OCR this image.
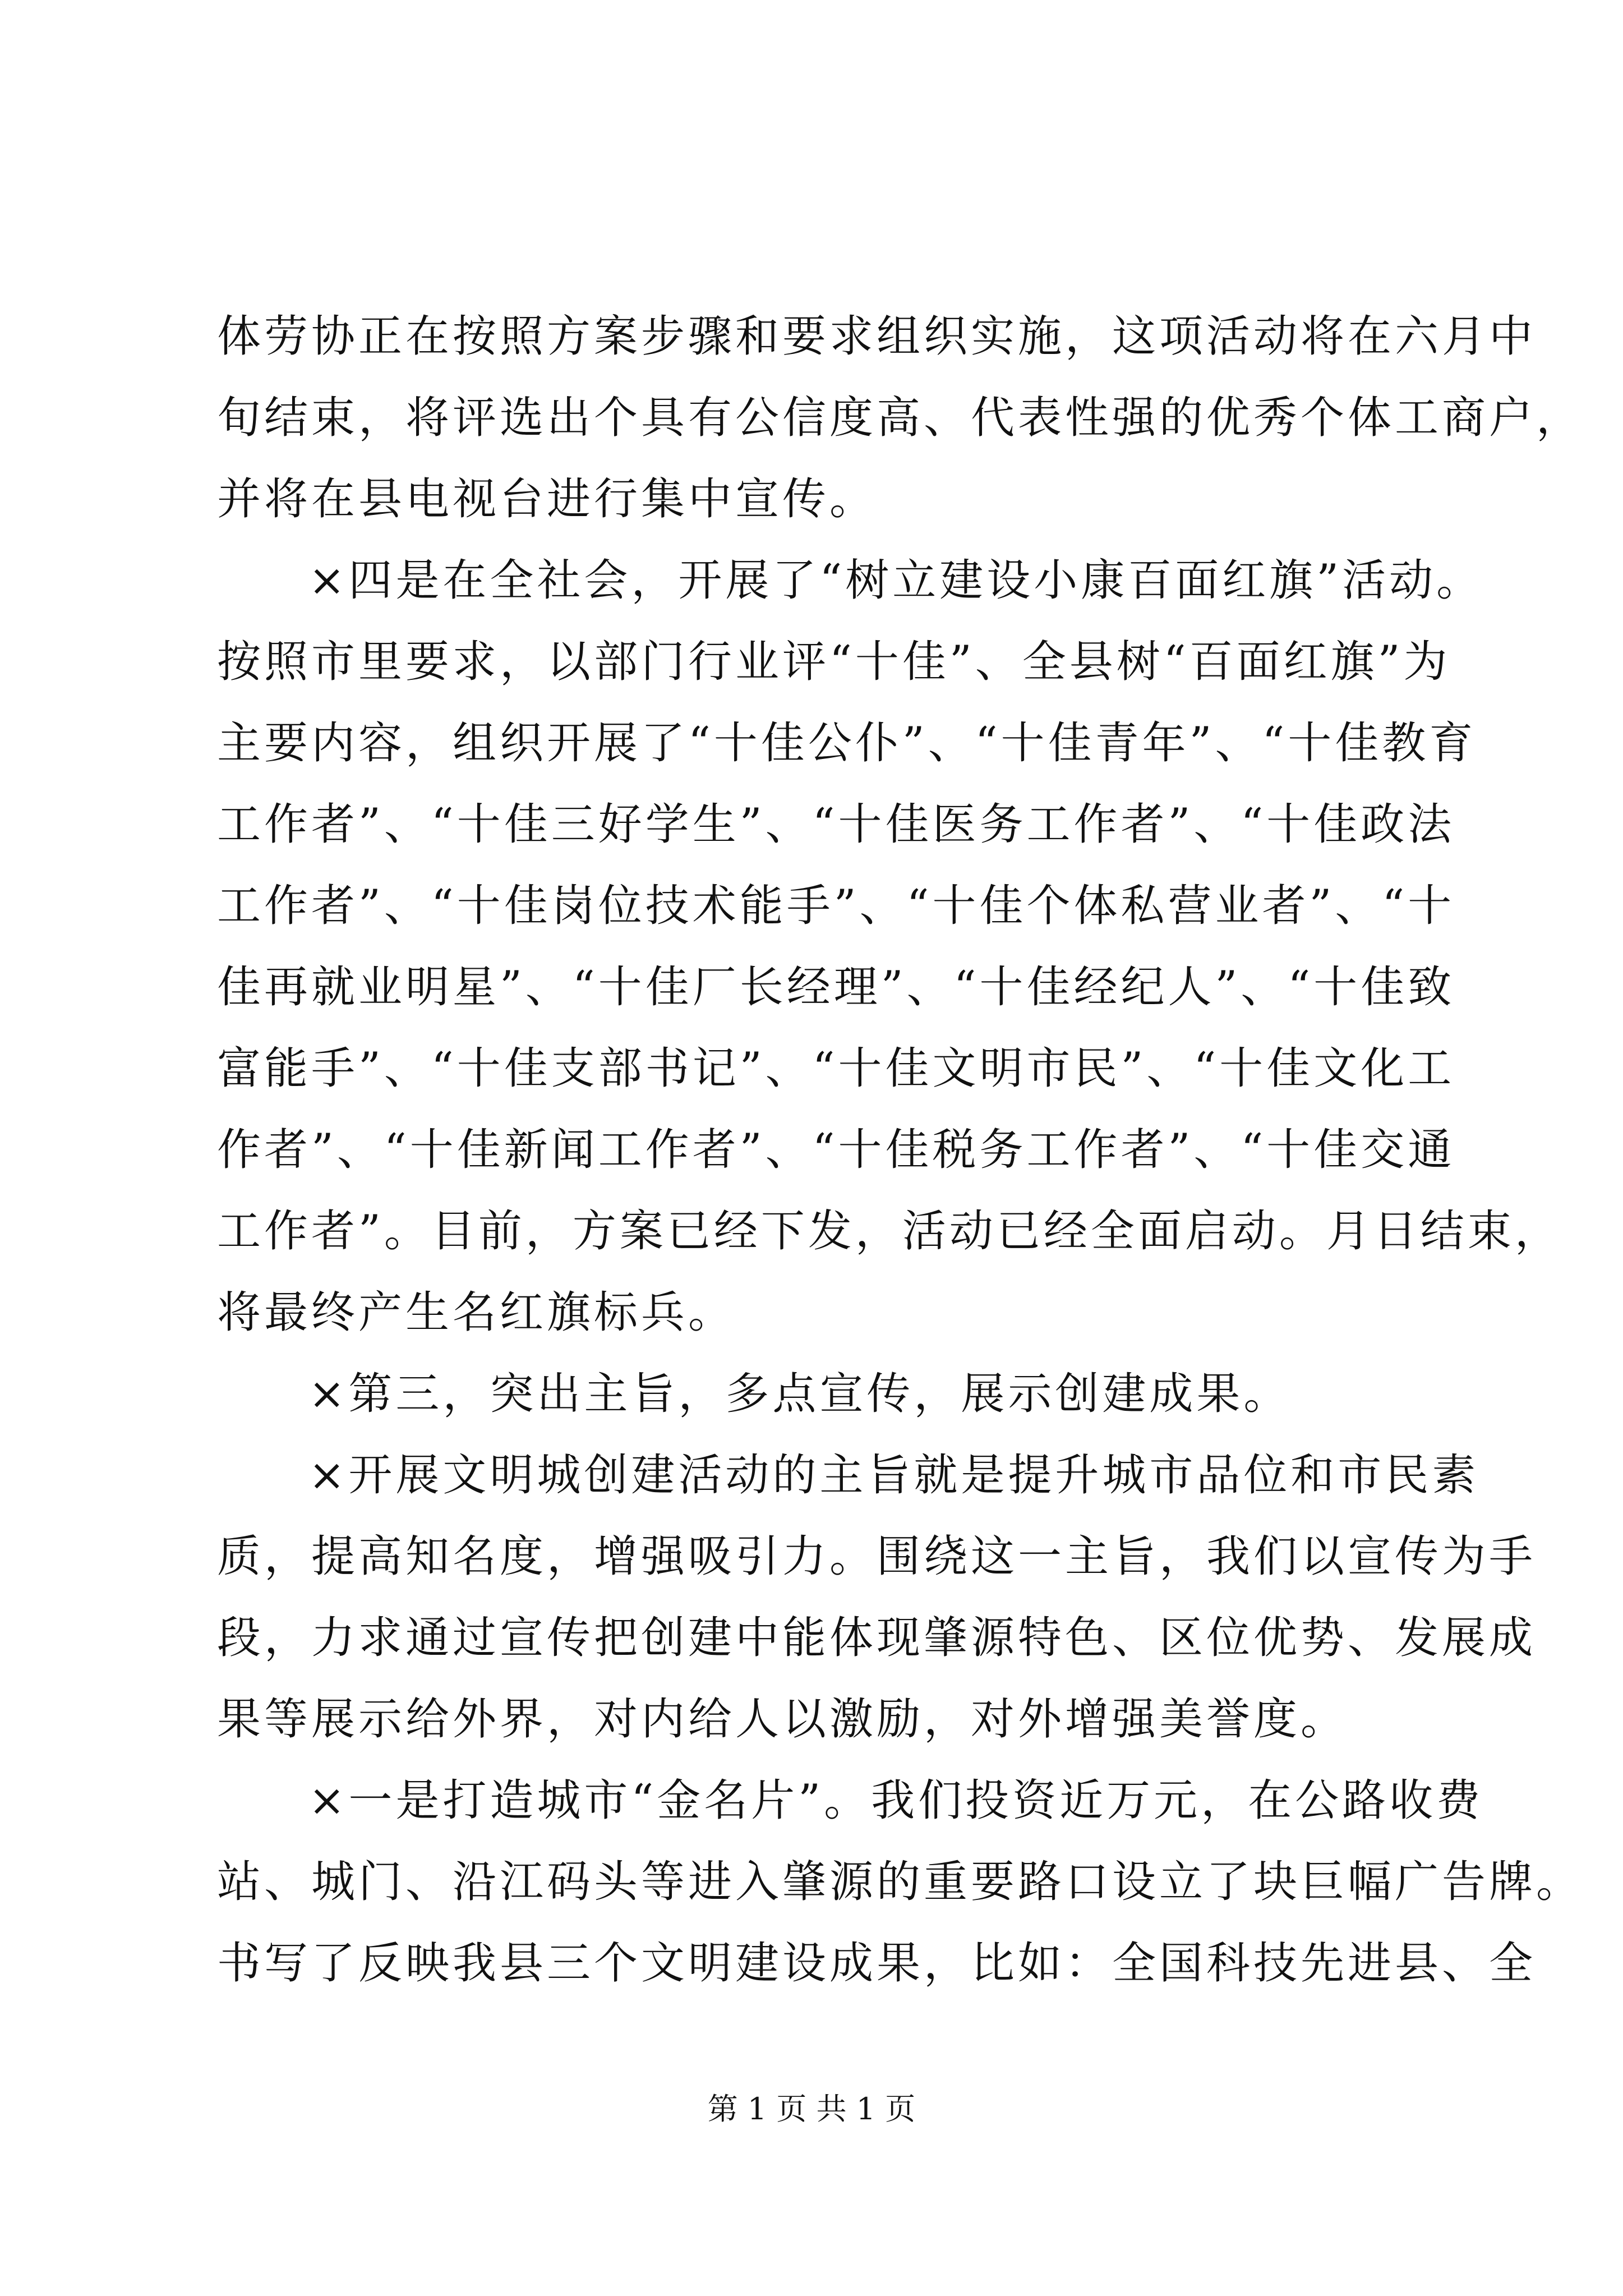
体劳协正在按照方案步骤和要求组织实施，这项活动将在六月中
旬结束，将评选出个具有公信度高、代表性强的优秀个体工商户，
并将在县电视台进行集中宣传。
×四是在全社会，开展了“树立建设小康百面红旗”活动。
按照市里要求，以部门行业评“十佳”、全县树“百面红旗”为
主要内容，组织开展了“十佳公仆”、“十佳青年”、“十佳教育
工作者”、“十佳三好学生”、“十佳医务工作者”、“十佳政法
工作者”、“十佳岗位技术能手”、“十佳个体私营业者”、“十
佳再就业明星”、“十佳厂长经理”、“十佳经纪人”、“十佳致
富能手”、“十佳支部书记”、“十佳文明市民”、“十佳文化工
作者”、“十佳新闻工作者”、“十佳税务工作者”、“十佳交通
工作者”。目前，方案已经下发，活动已经全面启动。月日结束，
将最终产生名红旗标兵。
×第三，突出主旨，多点宣传，展示创建成果。
×开展文明城创建活动的主旨就是提升城市品位和市民素
质，提高知名度，增强吸引力。围绕这一主旨，我们以宣传为手
段，力求通过宣传把创建中能体现肇源特色、区位优势、发展成
果等展示给外界，对内给人以激励，对外增强美誉度。
×一是打造城市“金名片”。我们投资近万元，在公路收费
站、城门、沿江码头等进入肇源的重要路口设立了块巨幅广告牌。
书写了反映我县三个文明建设成果，比如：全国科技先进县、全
第 1 页 共 1 页
